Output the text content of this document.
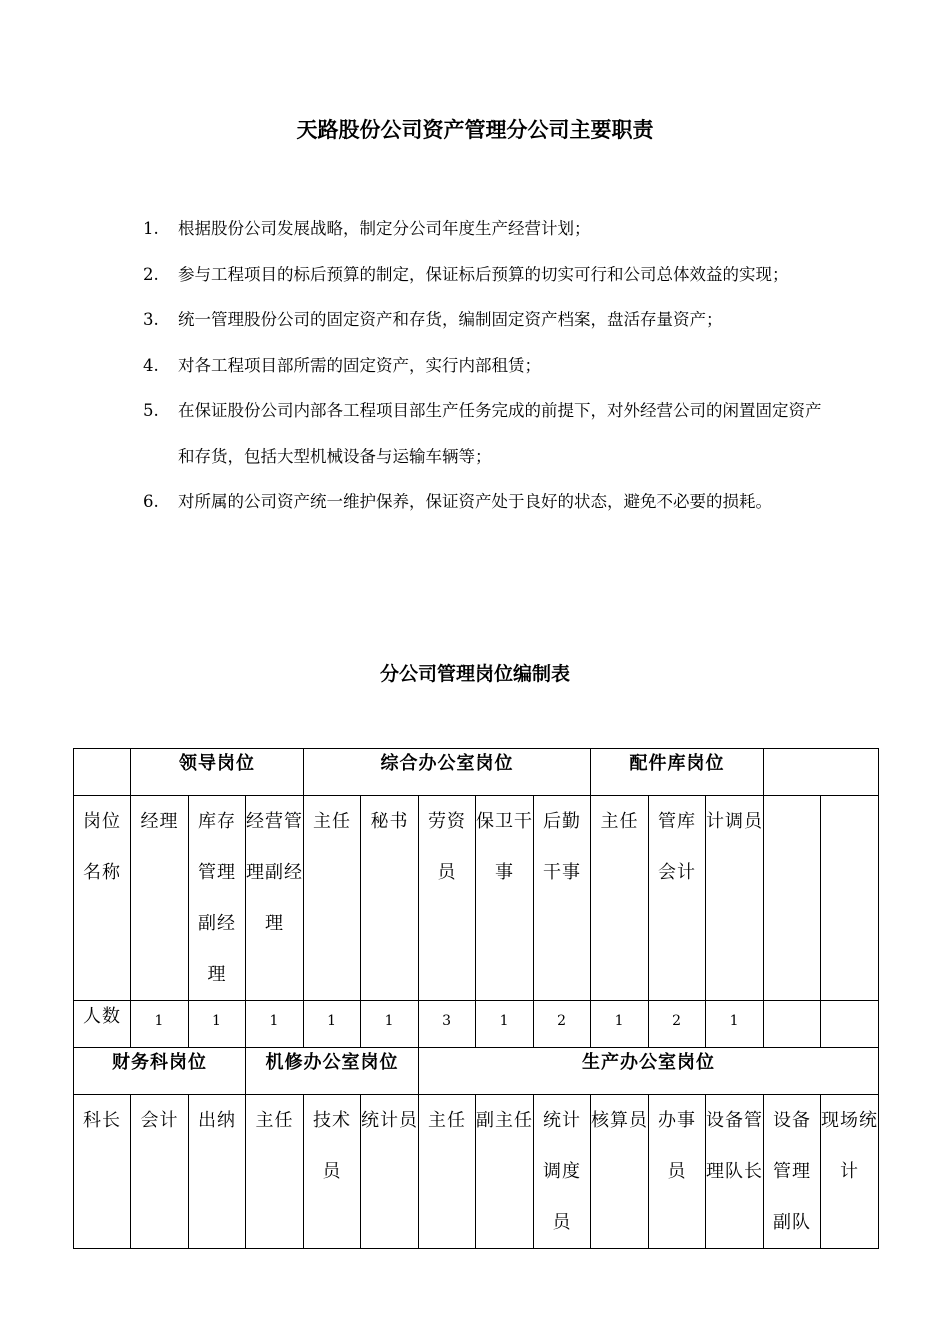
天路股份公司资产管理分公司主要职责
1. 根据股份公司发展战略，制定分公司年度生产经营计划；
2. 参与工程项目的标后预算的制定，保证标后预算的切实可行和公司总体效益的实现；
3. 统一管理股份公司的固定资产和存货，编制固定资产档案，盘活存量资产；
4. 对各工程项目部所需的固定资产，实行内部租赁；
5. 在保证股份公司内部各工程项目部生产任务完成的前提下，对外经营公司的闲置固定资产和存货，包括大型机械设备与运输车辆等；
6. 对所属的公司资产统一维护保养，保证资产处于良好的状态，避免不必要的损耗。
分公司管理岗位编制表
	领导岗位			综合办公室岗位					配件库岗位				
岗位名称	经理	库存管理副经理	经营管理副经理	主任	秘书	劳资员	保卫干事	后勤干事	主任	管库会计	计调员		
人数	1	1	1	1	1	3	1	2	1	2	1		
财务科岗位			机修办公室岗位			生产办公室岗位							
科长	会计	出纳	主任	技术员	统计员	主任	副主任	统计调度员	核算员	办事员	设备管理队长	设备管理副队	现场统计
